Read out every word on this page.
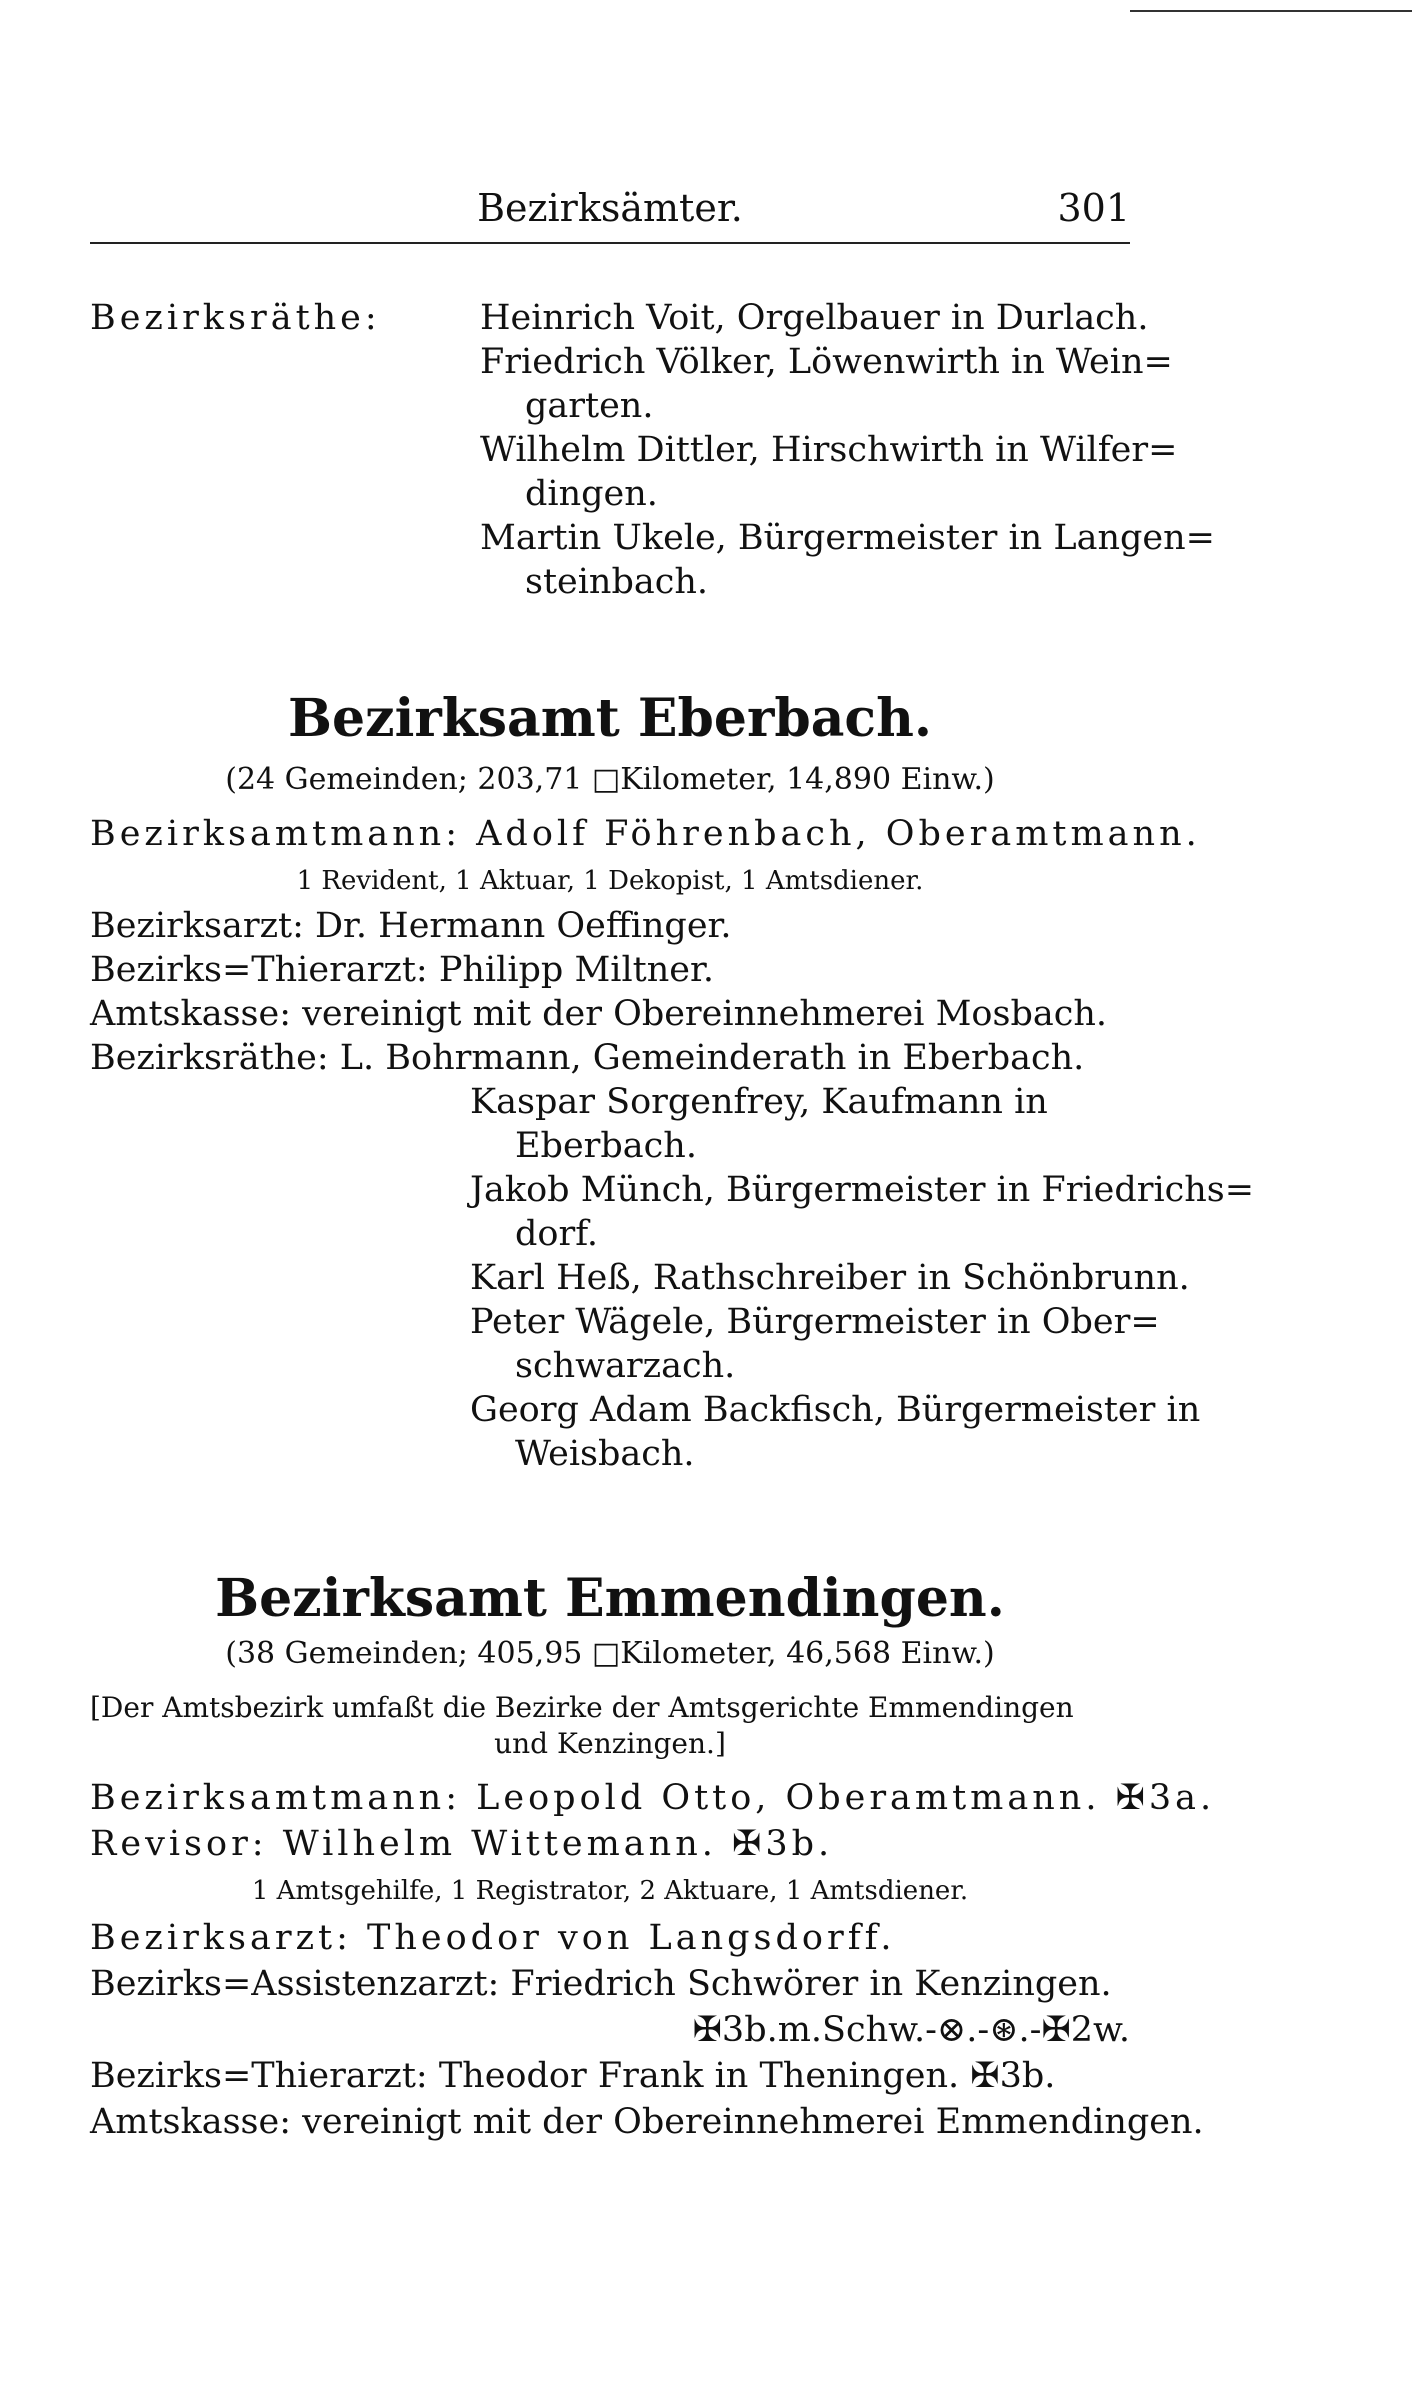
Bezirksämter.	301
Bezirksräthe:	Heinrich Voit, Orgelbauer in Durlach.
Friedrich Völker, Löwenwirth in Wein=
garten.
Wilhelm Dittler, Hirschwirth in Wilfer=
dingen.
Martin Ukele, Bürgermeister in Langen=
steinbach.
Bezirksamt Eberbach.
(24 Gemeinden; 203,71 □Kilometer, 14,890 Einw.)
Bezirksamtmann: Adolf Föhrenbach, Oberamtmann.
1 Revident, 1 Aktuar, 1 Dekopist, 1 Amtsdiener.
Bezirksarzt: Dr. Hermann Oeffinger.
Bezirks=Thierarzt: Philipp Miltner.
Amtskasse: vereinigt mit der Obereinnehmerei Mosbach.
Bezirksräthe: L. Bohrmann, Gemeinderath in Eberbach.
Kaspar Sorgenfrey, Kaufmann in
Eberbach.
Jakob Münch, Bürgermeister in Friedrichs=
dorf.
Karl Heß, Rathschreiber in Schönbrunn.
Peter Wägele, Bürgermeister in Ober=
schwarzach.
Georg Adam Backfisch, Bürgermeister in
Weisbach.
Bezirksamt Emmendingen.
(38 Gemeinden; 405,95 □Kilometer, 46,568 Einw.)
[Der Amtsbezirk umfaßt die Bezirke der Amtsgerichte Emmendingen
und Kenzingen.]
Bezirksamtmann: Leopold Otto, Oberamtmann. ✠3a.
Revisor: Wilhelm Wittemann. ✠3b.
1 Amtsgehilfe, 1 Registrator, 2 Aktuare, 1 Amtsdiener.
Bezirksarzt: Theodor von Langsdorff.
Bezirks=Assistenzarzt: Friedrich Schwörer in Kenzingen.
✠3b.m.Schw.-⊗.-⊛.-✠2w.
Bezirks=Thierarzt: Theodor Frank in Theningen. ✠3b.
Amtskasse: vereinigt mit der Obereinnehmerei Emmendingen.
